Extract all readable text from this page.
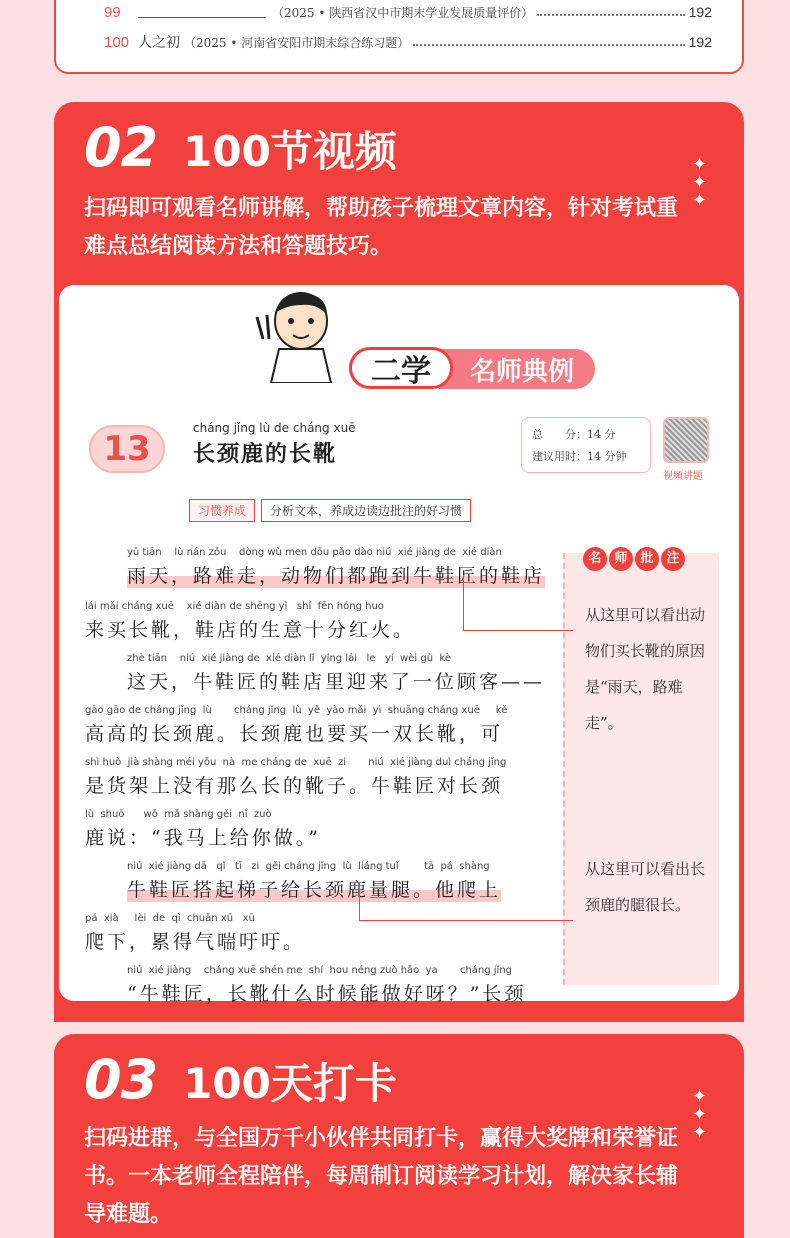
99	（2025 • 陕西省汉中市期末学业发展质量评价）	192
100 人之初 （2025 • 河南省安阳市期末综合练习题）	192
02 100节视频
扫码即可观看名师讲解，帮助孩子梳理文章内容，针对考试重难点总结阅读方法和答题技巧。
✦
✦
✦
名师典例
二学
13
cháng jǐng lù de cháng xuē
长颈鹿的长靴
总　　分：14 分
建议用时：14 分钟
视频讲题
习惯养成	分析文本，养成边读边批注的好习惯
yǔ tiān    lù nán zǒu    dòng wù men dōu pǎo dào niú  xié jiàng de  xié diàn
雨天，路难走，动物们都跑到牛鞋匠的鞋店
lái mǎi cháng xuē    xié diàn de shēng yì   shí  fēn hóng huo
来买长靴，鞋店的生意十分红火。
zhè tiān    niú  xié jiàng de  xié diàn lǐ  yíng lái   le   yí  wèi gù  kè
这天，牛鞋匠的鞋店里迎来了一位顾客——
gāo gāo de cháng jǐng  lù       cháng jǐng  lù  yě  yào mǎi  yì  shuāng cháng xuē     kě
高高的长颈鹿。长颈鹿也要买一双长靴，可
shì huò  jià shàng méi yǒu  nà  me cháng de  xuē  zi       niú  xié jiàng duì cháng jǐng
是货架上没有那么长的靴子。牛鞋匠对长颈
lù  shuō      wǒ  mǎ shàng gěi  nǐ  zuò
鹿说：“我马上给你做。”
niú  xié jiàng dā   qǐ   tī   zi  gěi cháng jǐng  lù  liáng tuǐ        tā  pá  shàng
牛鞋匠搭起梯子给长颈鹿量腿。他爬上
pá  xià     lèi  de  qì  chuǎn xū   xū
爬下，累得气喘吁吁。
niú  xié jiàng    cháng xuē shén me  shí  hou néng zuò hǎo  ya       cháng jǐng
“牛鞋匠，长靴什么时候能做好呀？”长颈
名 师 批 注
从这里可以看出动物们买长靴的原因是“雨天，路难走”。
从这里可以看出长颈鹿的腿很长。
03 100天打卡
扫码进群，与全国万千小伙伴共同打卡，赢得大奖牌和荣誉证书。一本老师全程陪伴，每周制订阅读学习计划，解决家长辅导难题。
✦
✦
✦
